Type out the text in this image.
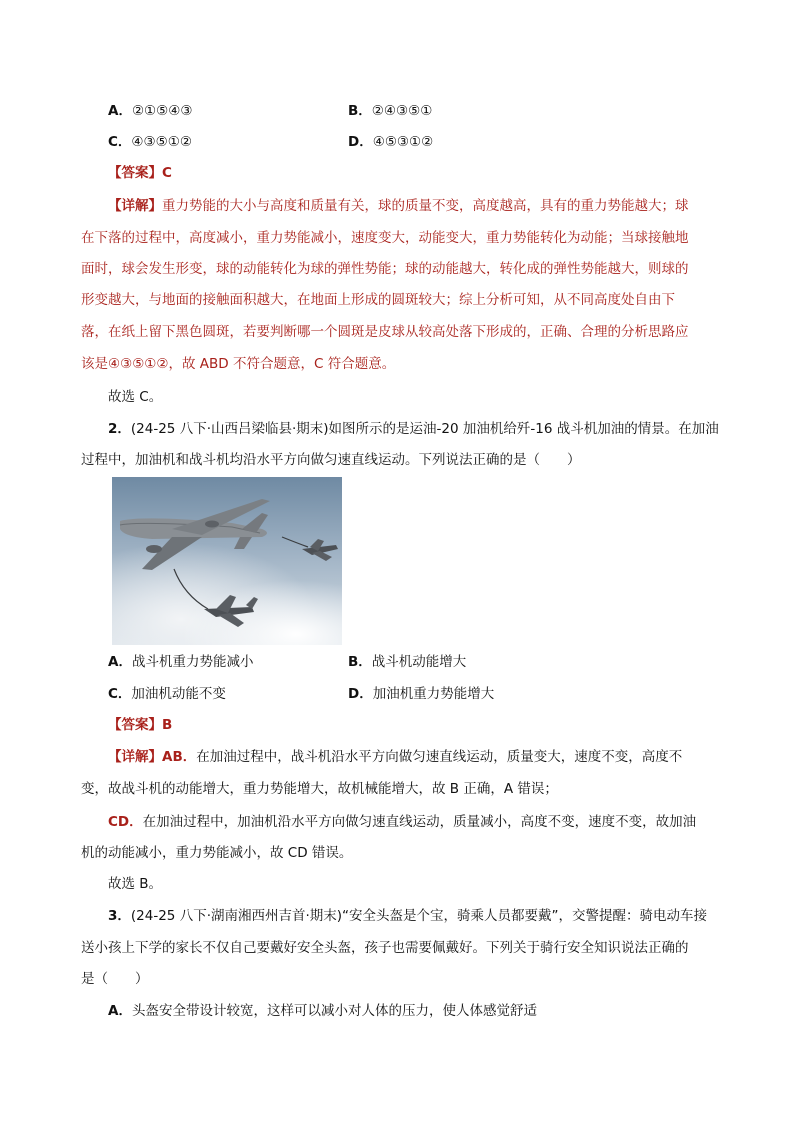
A．②①⑤④③	B．②④③⑤①
C．④③⑤①②	D．④⑤③①②
【答案】C
【详解】重力势能的大小与高度和质量有关，球的质量不变，高度越高，具有的重力势能越大；球
在下落的过程中，高度减小，重力势能减小，速度变大，动能变大，重力势能转化为动能；当球接触地
面时，球会发生形变，球的动能转化为球的弹性势能；球的动能越大，转化成的弹性势能越大，则球的
形变越大，与地面的接触面积越大，在地面上形成的圆斑较大；综上分析可知，从不同高度处自由下
落，在纸上留下黑色圆斑，若要判断哪一个圆斑是皮球从较高处落下形成的，正确、合理的分析思路应
该是④③⑤①②，故 ABD 不符合题意，C 符合题意。
故选 C。
2．(24-25 八下·山西吕梁临县·期末)如图所示的是运油-20 加油机给歼-16 战斗机加油的情景。在加油
过程中，加油机和战斗机均沿水平方向做匀速直线运动。下列说法正确的是（　　）
A．战斗机重力势能减小	B．战斗机动能增大
C．加油机动能不变	D．加油机重力势能增大
【答案】B
【详解】AB．在加油过程中，战斗机沿水平方向做匀速直线运动，质量变大，速度不变，高度不
变，故战斗机的动能增大，重力势能增大，故机械能增大，故 B 正确，A 错误；
CD．在加油过程中，加油机沿水平方向做匀速直线运动，质量减小，高度不变，速度不变，故加油
机的动能减小，重力势能减小，故 CD 错误。
故选 B。
3．(24-25 八下·湖南湘西州吉首·期末)“安全头盔是个宝，骑乘人员都要戴”，交警提醒：骑电动车接
送小孩上下学的家长不仅自己要戴好安全头盔，孩子也需要佩戴好。下列关于骑行安全知识说法正确的
是（　　）
A．头盔安全带设计较宽，这样可以减小对人体的压力，使人体感觉舒适
